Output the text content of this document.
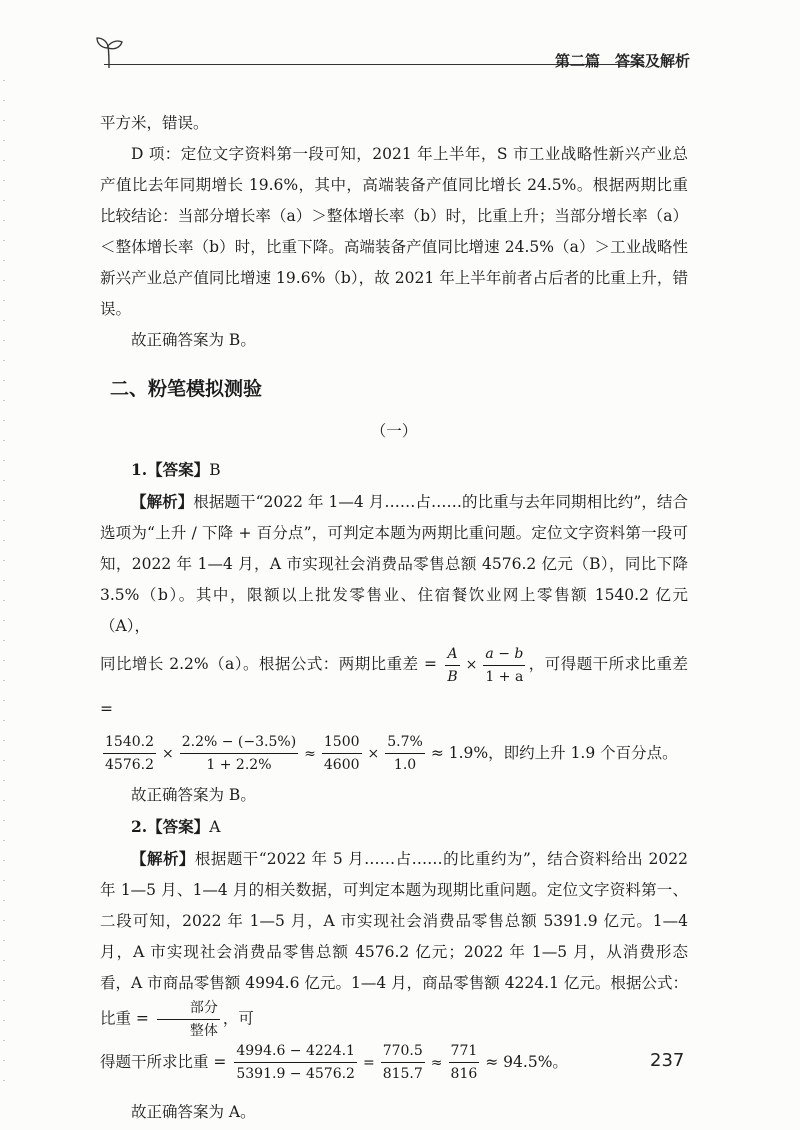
第二篇　答案及解析

平方米，错误。

D 项：定位文字资料第一段可知，2021 年上半年，S 市工业战略性新兴产业总产值比去年同期增长 19.6%，其中，高端装备产值同比增长 24.5%。根据两期比重比较结论：当部分增长率（a）＞整体增长率（b）时，比重上升；当部分增长率（a）＜整体增长率（b）时，比重下降。高端装备产值同比增速 24.5%（a）＞工业战略性新兴产业总产值同比增速 19.6%（b），故 2021 年上半年前者占后者的比重上升，错误。

故正确答案为 B。

二、粉笔模拟测验
（一）

1.【答案】B

【解析】根据题干“2022 年 1—4 月……占……的比重与去年同期相比约”，结合选项为“上升 / 下降 + 百分点”，可判定本题为两期比重问题。定位文字资料第一段可知，2022 年 1—4 月，A 市实现社会消费品零售总额 4576.2 亿元（B），同比下降 3.5%（b）。其中，限额以上批发零售业、住宿餐饮业网上零售额 1540.2 亿元（A），

同比增长 2.2%（a）。根据公式：两期比重差 = $\frac{A}{B} \times \frac{a - b}{1 + a}$ ，可得题干所求比重差 =

$\frac{1540.2}{4576.2} \times \frac{2.2\% - (-3.5\%)}{1 + 2.2\%} \approx \frac{1500}{4600} \times \frac{5.7\%}{1.0} \approx 1.9\%$，即约上升 1.9 个百分点。

故正确答案为 B。

2.【答案】A

【解析】根据题干“2022 年 5 月……占……的比重约为”，结合资料给出 2022 年 1—5 月、1—4 月的相关数据，可判定本题为现期比重问题。定位文字资料第一、二段可知，2022 年 1—5 月，A 市实现社会消费品零售总额 5391.9 亿元。1—4 月，A 市实现社会消费品零售总额 4576.2 亿元；2022 年 1—5 月，从消费形态看，A 市商品零售额 4994.6 亿元。1—4 月，商品零售额 4224.1 亿元。根据公式：比重 = $\frac{\text{部分}}{\text{整体}}$ ，可

得题干所求比重 = $\frac{4994.6 - 4224.1}{5391.9 - 4576.2} = \frac{770.5}{815.7} \approx \frac{771}{816} \approx 94.5\%$。

故正确答案为 A。

237
